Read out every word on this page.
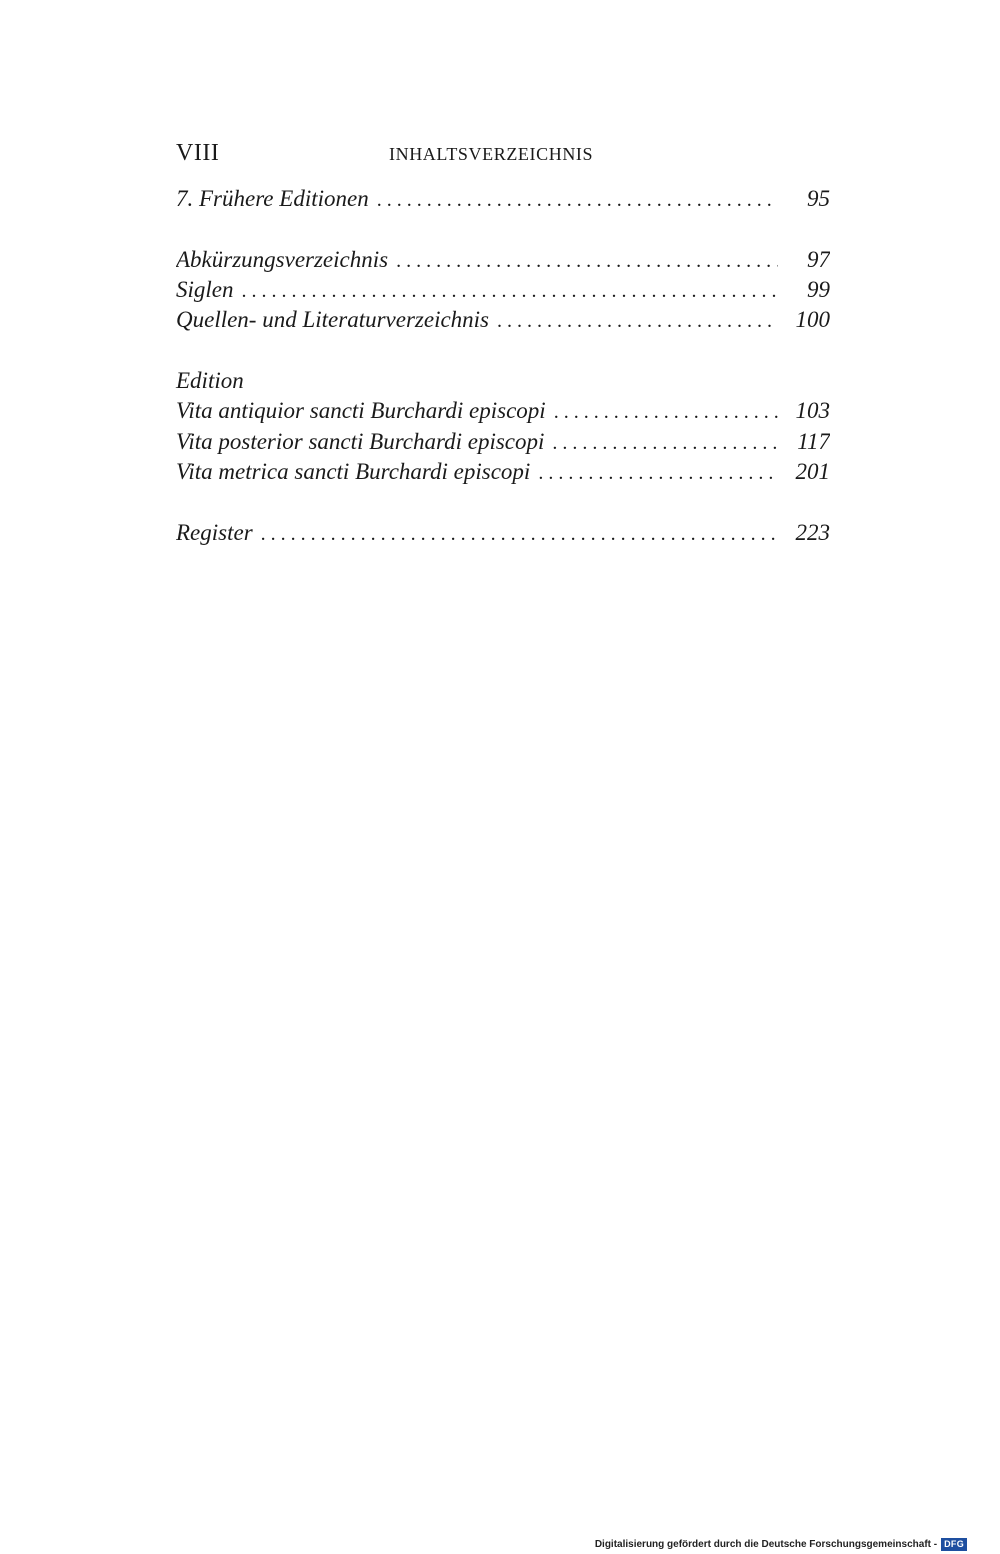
VIII	INHALTSVERZEICHNIS
7. Frühere Editionen . . .	95
Abkürzungsverzeichnis . . .	97
Siglen . . .	99
Quellen- und Literaturverzeichnis . . .	100
Edition
Vita antiquior sancti Burchardi episcopi . . .	103
Vita posterior sancti Burchardi episcopi . . .	117
Vita metrica sancti Burchardi episcopi . . .	201
Register . . .	223
Digitalisierung gefördert durch die Deutsche Forschungsgemeinschaft - DFG
